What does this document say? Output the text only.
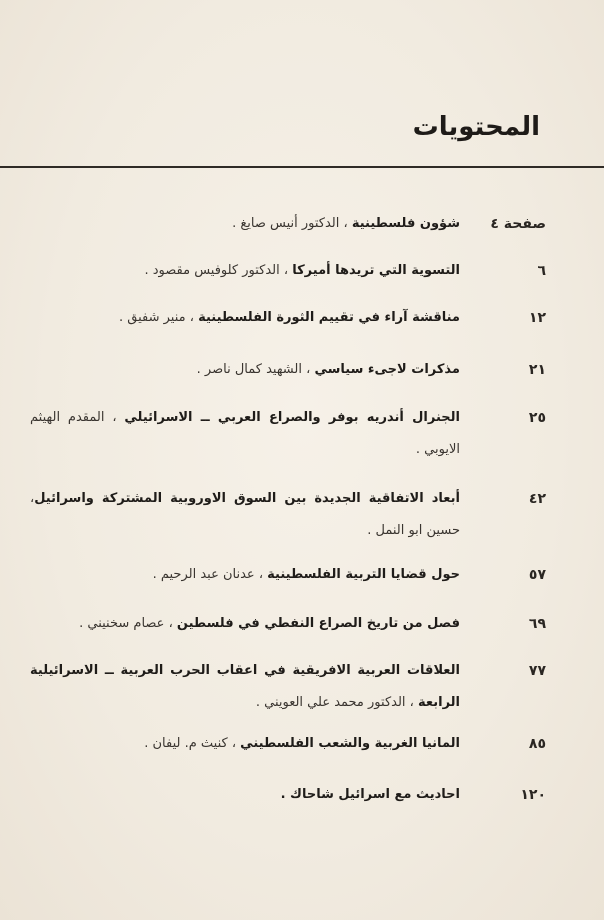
المحتويات
صفحة ٤
شؤون فلسطينية ، الدكتور أنيس صايغ .
٦
التسوية التي تريدها أميركا ، الدكتور كلوفيس مقصود .
١٢
مناقشة آراء في تقييم الثورة الفلسطينية ، منير شفيق .
٢١
مذكرات لاجىء سياسي ، الشهيد كمال ناصر .
٢٥
الجنرال أندريه بوفر والصراع العربي ــ الاسرائيلي ، المقدم الهيثم الايوبي .
٤٢
أبعاد الاتفاقية الجديدة بين السوق الاوروبية المشتركة واسرائيل، حسين ابو النمل .
٥٧
حول قضايا التربية الفلسطينية ، عدنان عبد الرحيم .
٦٩
فصل من تاريخ الصراع النفطي في فلسطين ، عصام سخنيني .
٧٧
العلاقات العربية الافريقية في اعقاب الحرب العربية ــ الاسرائيلية الرابعة ، الدكتور محمد علي العويني .
٨٥
المانيا الغربية والشعب الفلسطيني ، كنيث م. ليفان .
١٢٠
احاديث مع اسرائيل شاحاك .
